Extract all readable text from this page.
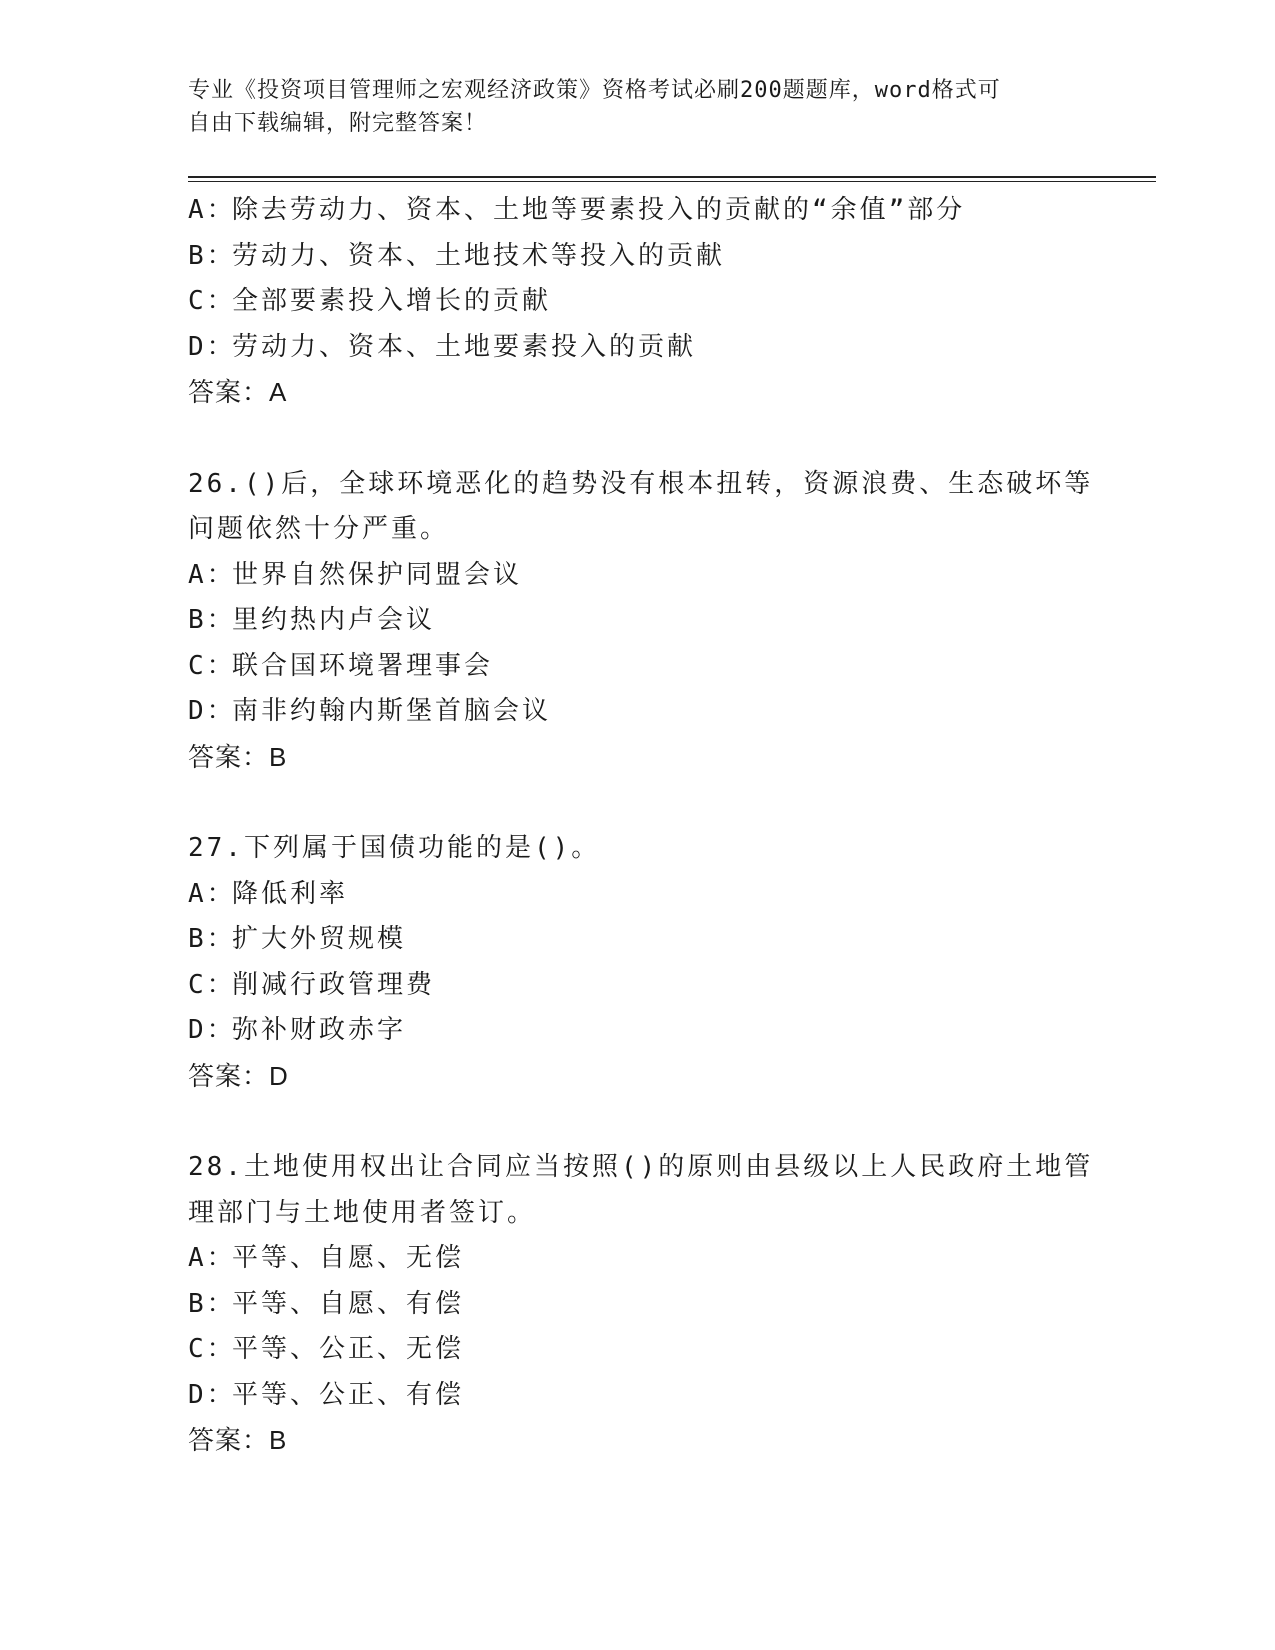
专业《投资项目管理师之宏观经济政策》资格考试必刷200题题库，word格式可
自由下载编辑，附完整答案！
A：除去劳动力、资本、土地等要素投入的贡献的“余值”部分
B：劳动力、资本、土地技术等投入的贡献
C：全部要素投入增长的贡献
D：劳动力、资本、土地要素投入的贡献
答案：A
26.()后，全球环境恶化的趋势没有根本扭转，资源浪费、生态破坏等
问题依然十分严重。
A：世界自然保护同盟会议
B：里约热内卢会议
C：联合国环境署理事会
D：南非约翰内斯堡首脑会议
答案：B
27.下列属于国债功能的是()。
A：降低利率
B：扩大外贸规模
C：削减行政管理费
D：弥补财政赤字
答案：D
28.土地使用权出让合同应当按照()的原则由县级以上人民政府土地管
理部门与土地使用者签订。
A：平等、自愿、无偿
B：平等、自愿、有偿
C：平等、公正、无偿
D：平等、公正、有偿
答案：B
